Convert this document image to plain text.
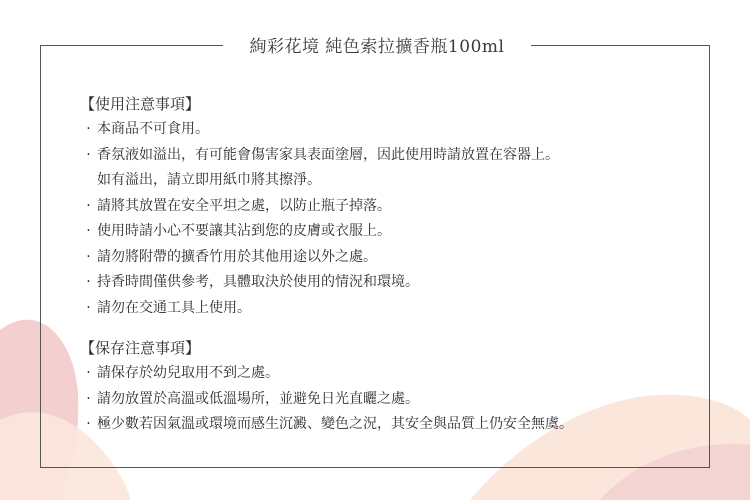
絢彩花境 純色索拉擴香瓶100ml
【使用注意事項】
· 本商品不可食用。
· 香氛液如溢出，有可能會傷害家具表面塗層，因此使用時請放置在容器上。
如有溢出，請立即用紙巾將其擦淨。
· 請將其放置在安全平坦之處，以防止瓶子掉落。
· 使用時請小心不要讓其沾到您的皮膚或衣服上。
· 請勿將附帶的擴香竹用於其他用途以外之處。
· 持香時間僅供參考，具體取決於使用的情況和環境。
· 請勿在交通工具上使用。
【保存注意事項】
· 請保存於幼兒取用不到之處。
· 請勿放置於高溫或低溫場所，並避免日光直曬之處。
· 極少數若因氣溫或環境而感生沉澱、變色之況，其安全與品質上仍安全無虞。
